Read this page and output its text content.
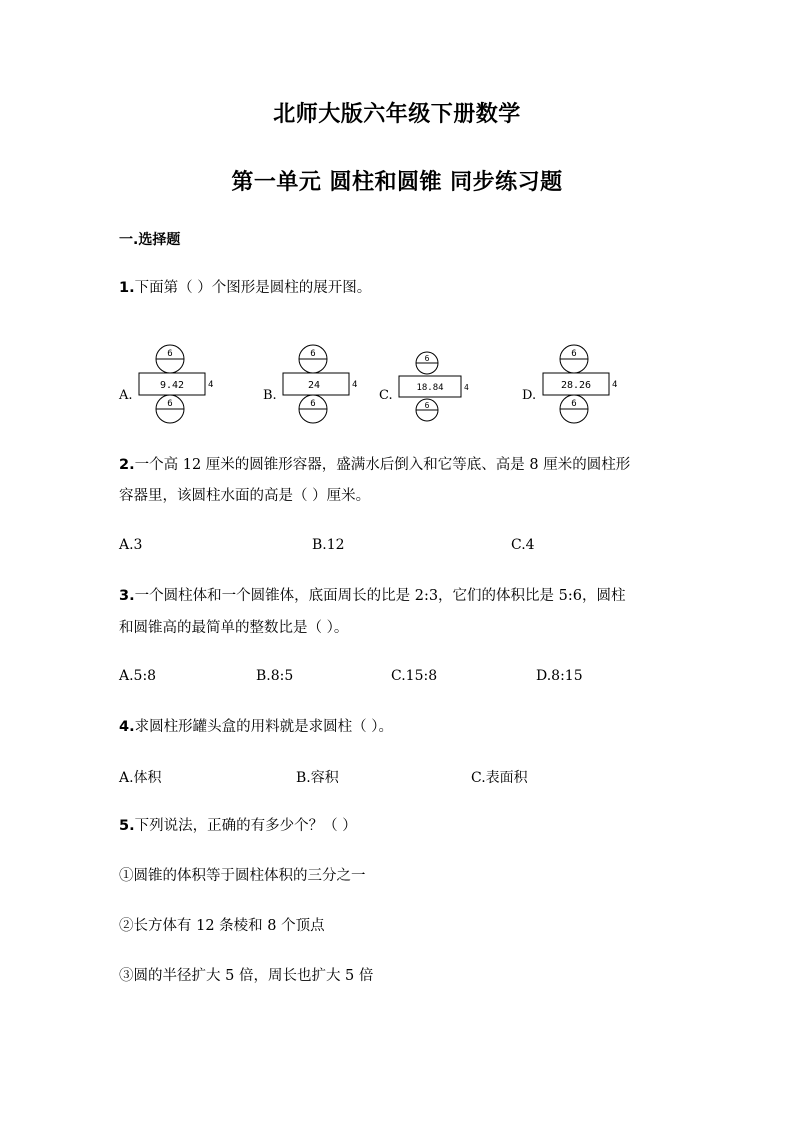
北师大版六年级下册数学
第一单元 圆柱和圆锥 同步练习题
一.选择题
1.下面第（ ）个图形是圆柱的展开图。
A.
6
9.42	4
6
B.
6
24	4
6
C.
6
18.84	4
6
D.
6
28.26 4
6
2.一个高 12 厘米的圆锥形容器，盛满水后倒入和它等底、高是 8 厘米的圆柱形
容器里，该圆柱水面的高是（ ）厘米。
A.3	B.12	C.4
3.一个圆柱体和一个圆锥体，底面周长的比是 2:3，它们的体积比是 5:6，圆柱
和圆锥高的最简单的整数比是（ ）。
A.5:8	B.8:5	C.15:8	D.8:15
4.求圆柱形罐头盒的用料就是求圆柱（ ）。
A.体积	B.容积	C.表面积
5.下列说法，正确的有多少个？（ ）
①圆锥的体积等于圆柱体积的三分之一
②长方体有 12 条棱和 8 个顶点
③圆的半径扩大 5 倍，周长也扩大 5 倍
